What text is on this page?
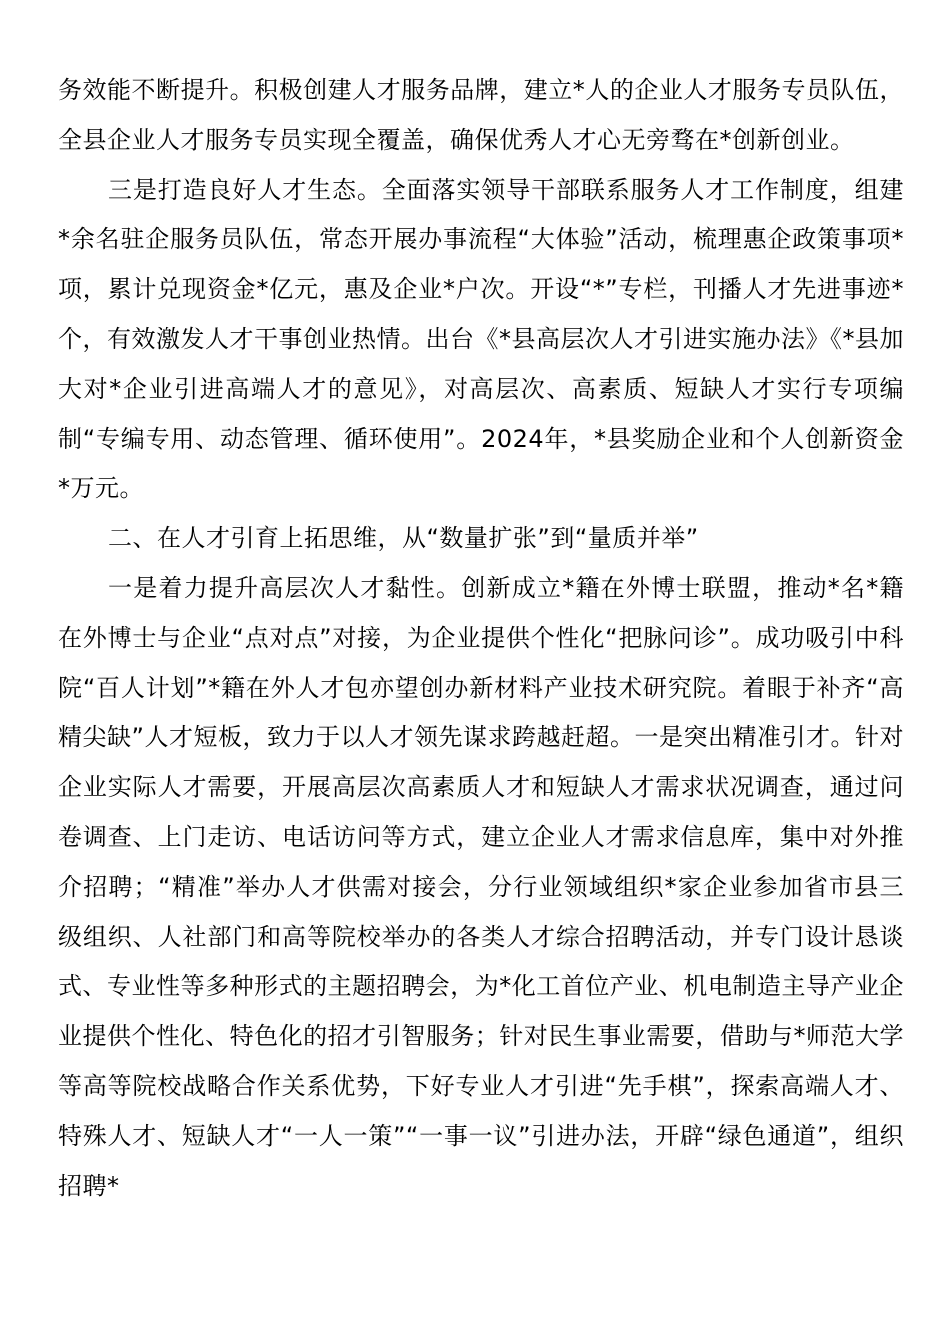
务效能不断提升。积极创建人才服务品牌，建立*人的企业人才服务专员队伍，全县企业人才服务专员实现全覆盖，确保优秀人才心无旁骛在*创新创业。

三是打造良好人才生态。全面落实领导干部联系服务人才工作制度，组建*余名驻企服务员队伍，常态开展办事流程“大体验”活动，梳理惠企政策事项*项，累计兑现资金*亿元，惠及企业*户次。开设“*”专栏，刊播人才先进事迹*个，有效激发人才干事创业热情。出台《*县高层次人才引进实施办法》《*县加大对*企业引进高端人才的意见》，对高层次、高素质、短缺人才实行专项编制“专编专用、动态管理、循环使用”。2024年，*县奖励企业和个人创新资金*万元。

二、在人才引育上拓思维，从“数量扩张”到“量质并举”

一是着力提升高层次人才黏性。创新成立*籍在外博士联盟，推动*名*籍在外博士与企业“点对点”对接，为企业提供个性化“把脉问诊”。成功吸引中科院“百人计划”*籍在外人才包亦望创办新材料产业技术研究院。着眼于补齐“高精尖缺”人才短板，致力于以人才领先谋求跨越赶超。一是突出精准引才。针对企业实际人才需要，开展高层次高素质人才和短缺人才需求状况调查，通过问卷调查、上门走访、电话访问等方式，建立企业人才需求信息库，集中对外推介招聘；“精准”举办人才供需对接会，分行业领域组织*家企业参加省市县三级组织、人社部门和高等院校举办的各类人才综合招聘活动，并专门设计恳谈式、专业性等多种形式的主题招聘会，为*化工首位产业、机电制造主导产业企业提供个性化、特色化的招才引智服务；针对民生事业需要，借助与*师范大学等高等院校战略合作关系优势，下好专业人才引进“先手棋”，探索高端人才、特殊人才、短缺人才“一人一策”“一事一议”引进办法，开辟“绿色通道”，组织招聘*
